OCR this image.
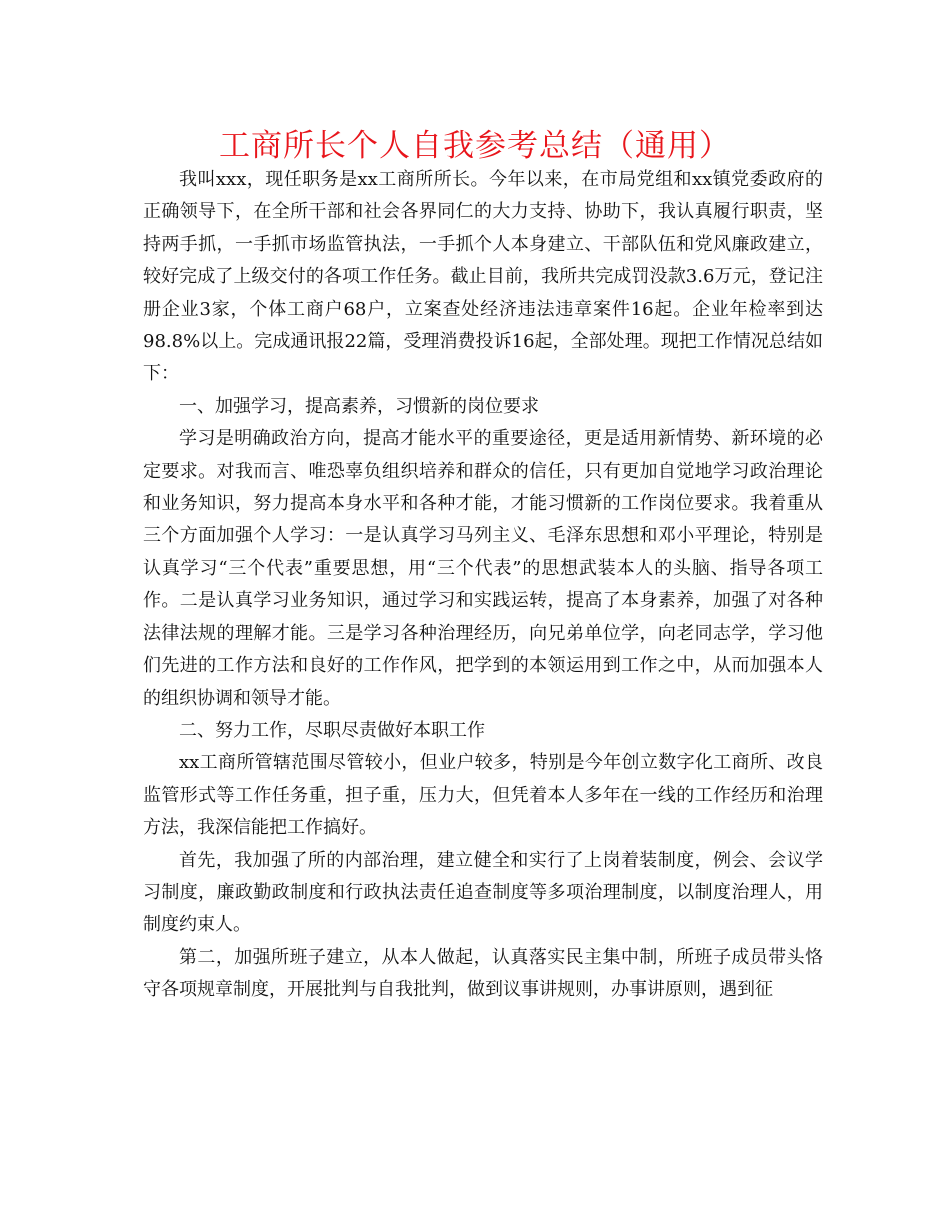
工商所长个人自我参考总结（通用）

我叫xxx，现任职务是xx工商所所长。今年以来，在市局党组和xx镇党委政府的正确领导下，在全所干部和社会各界同仁的大力支持、协助下，我认真履行职责，坚持两手抓，一手抓市场监管执法，一手抓个人本身建立、干部队伍和党风廉政建立，较好完成了上级交付的各项工作任务。截止目前，我所共完成罚没款3.6万元，登记注册企业3家，个体工商户68户，立案查处经济违法违章案件16起。企业年检率到达98.8%以上。完成通讯报22篇，受理消费投诉16起，全部处理。现把工作情况总结如下：

一、加强学习，提高素养，习惯新的岗位要求

学习是明确政治方向，提高才能水平的重要途径，更是适用新情势、新环境的必定要求。对我而言、唯恐辜负组织培养和群众的信任，只有更加自觉地学习政治理论和业务知识，努力提高本身水平和各种才能，才能习惯新的工作岗位要求。我着重从三个方面加强个人学习：一是认真学习马列主义、毛泽东思想和邓小平理论，特别是认真学习“三个代表”重要思想，用“三个代表”的思想武装本人的头脑、指导各项工作。二是认真学习业务知识，通过学习和实践运转，提高了本身素养，加强了对各种法律法规的理解才能。三是学习各种治理经历，向兄弟单位学，向老同志学，学习他们先进的工作方法和良好的工作作风，把学到的本领运用到工作之中，从而加强本人的组织协调和领导才能。

二、努力工作，尽职尽责做好本职工作

xx工商所管辖范围尽管较小，但业户较多，特别是今年创立数字化工商所、改良监管形式等工作任务重，担子重，压力大，但凭着本人多年在一线的工作经历和治理方法，我深信能把工作搞好。

首先，我加强了所的内部治理，建立健全和实行了上岗着装制度，例会、会议学习制度，廉政勤政制度和行政执法责任追查制度等多项治理制度，以制度治理人，用制度约束人。

第二，加强所班子建立，从本人做起，认真落实民主集中制，所班子成员带头恪守各项规章制度，开展批判与自我批判，做到议事讲规则，办事讲原则，遇到征
